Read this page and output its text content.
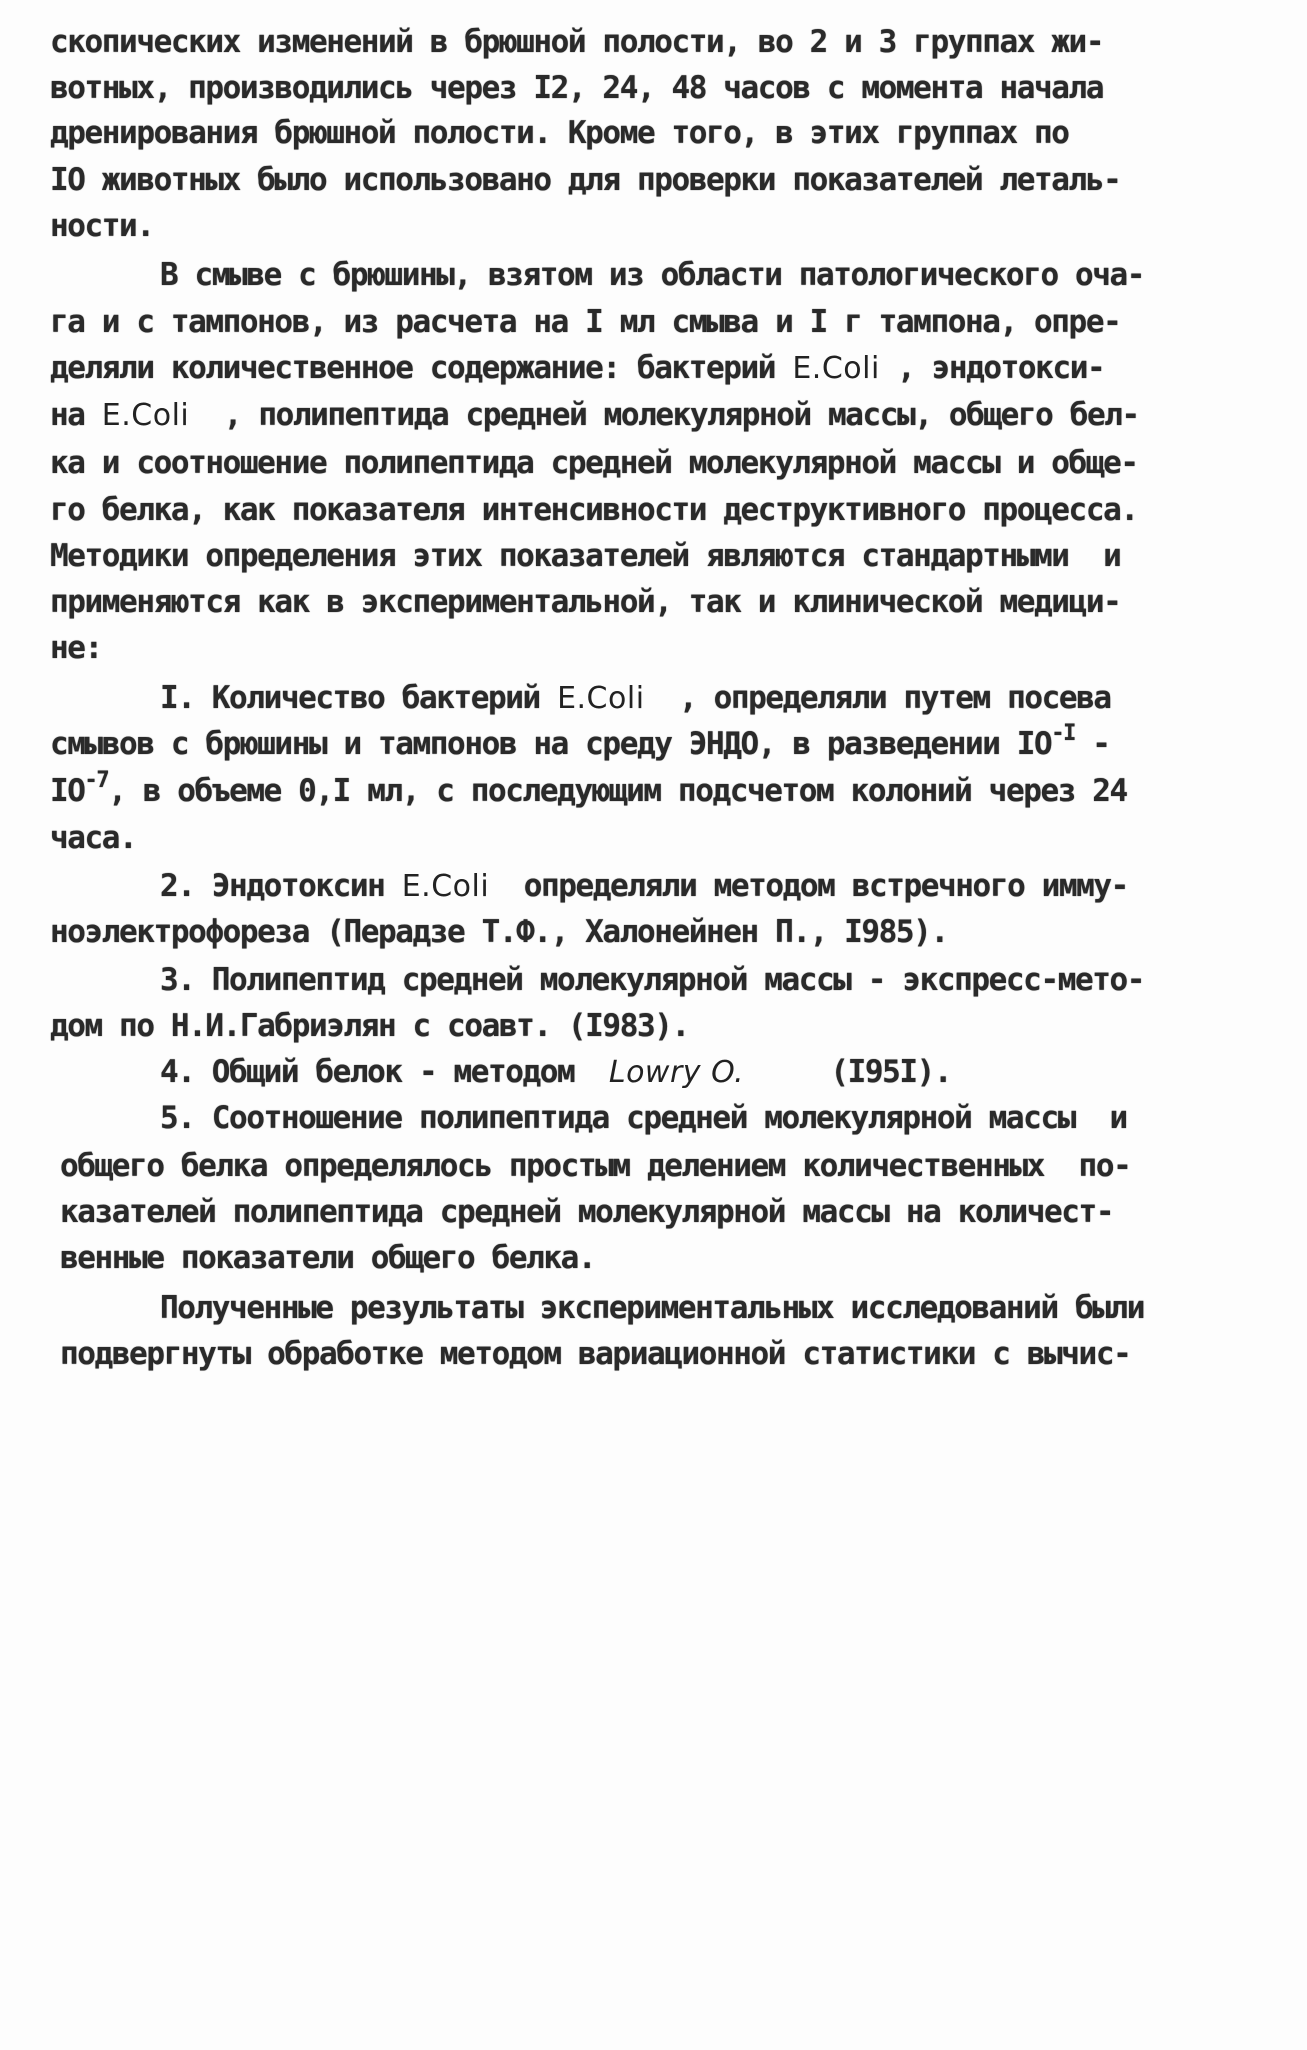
скопических изменений в брюшной полости, во 2 и 3 группах жи-
вотных, производились через I2, 24, 48 часов с момента начала
дренирования брюшной полости. Кроме того, в этих группах по
IO животных было использовано для проверки показателей леталь-
ности.
В смыве с брюшины, взятом из области патологического оча-
га и с тампонов, из расчета на I мл смыва и I г тампона, опре-
деляли количественное содержание: бактерий E.Coli , эндотокси-
на E.Coli  , полипептида средней молекулярной массы, общего бел-
ка и соотношение полипептида средней молекулярной массы и обще-
го белка, как показателя интенсивности деструктивного процесса.
Методики определения этих показателей являются стандартными  и
применяются как в экспериментальной, так и клинической медици-
не:
I. Количество бактерий E.Coli  , определяли путем посева
смывов с брюшины и тампонов на среду ЭНДО, в разведении $IO^{-I}$ -
$IO^{-7}$, в объеме 0,I мл, с последующим подсчетом колоний через 24
часа.
2. Эндотоксин E.Coli  определяли методом встречного имму-
ноэлектрофореза (Перадзе Т.Ф., Халонейнен П., I985).
3. Полипептид средней молекулярной массы - экспресс-мето-
дом по Н.И.Габриэлян с соавт. (I983).
4. Общий белок - методом  Lowry O.     (I95I).
5. Соотношение полипептида средней молекулярной массы  и
общего белка определялось простым делением количественных  по-
казателей полипептида средней молекулярной массы на количест-
венные показатели общего белка.
Полученные результаты экспериментальных исследований были
подвергнуты обработке методом вариационной статистики с вычис-
